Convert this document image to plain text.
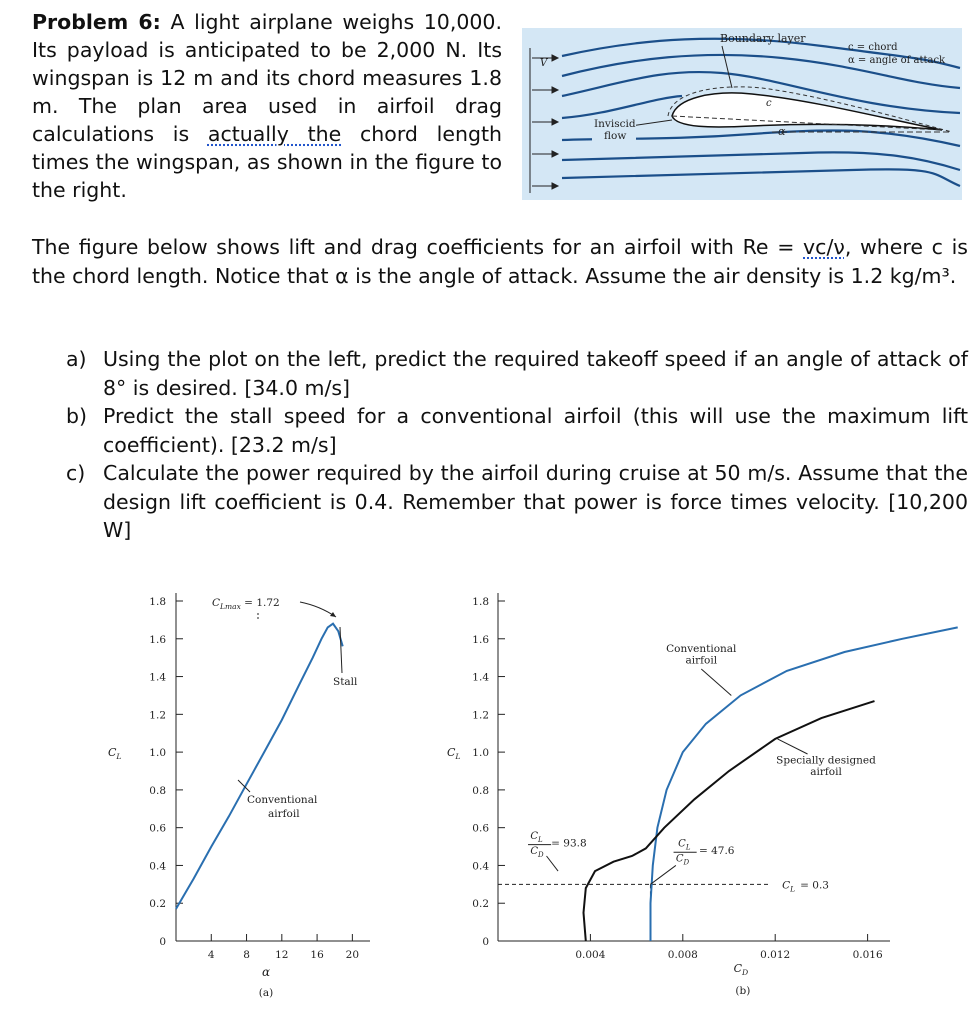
Problem 6: A light airplane weighs 10,000. Its payload is anticipated to be 2,000 N. Its wingspan is 12 m and its chord measures 1.8 m. The plan area used in airfoil drag calculations is actually the chord length times the wingspan, as shown in the figure to the right.
Boundary layer
V
Inviscid
flow
c
α
c = chord
α = angle of attack
The figure below shows lift and drag coefficients for an airfoil with Re = vc/ν, where c is the chord length. Notice that α is the angle of attack. Assume the air density is 1.2 kg/m³.
a) Using the plot on the left, predict the required takeoff speed if an angle of attack of 8° is desired. [34.0 m/s]
b) Predict the stall speed for a conventional airfoil (this will use the maximum lift coefficient). [23.2 m/s]
c) Calculate the power required by the airfoil during cruise at 50 m/s. Assume that the design lift coefficient is 0.4. Remember that power is force times velocity. [10,200 W]
0
0.2
0.4
0.6
0.8
1.0
1.2
1.4
1.6
1.8
4	8 12 16 20
$C_L$
α
(a)
$C_{Lmax} = 1.72$
Stall
Conventional
airfoil
0
0.2
0.4
0.6
0.8
1.0
1.2
1.4
1.6
1.8
0.004	0.008	0.012	0.016
$C_L$
$C_D$
(b)
$C_L = 0.3$
Conventional
airfoil
Specially designed
airfoil
$C_L$
$C_D$
= 93.8	$C_L$
$C_D$
= 47.6
